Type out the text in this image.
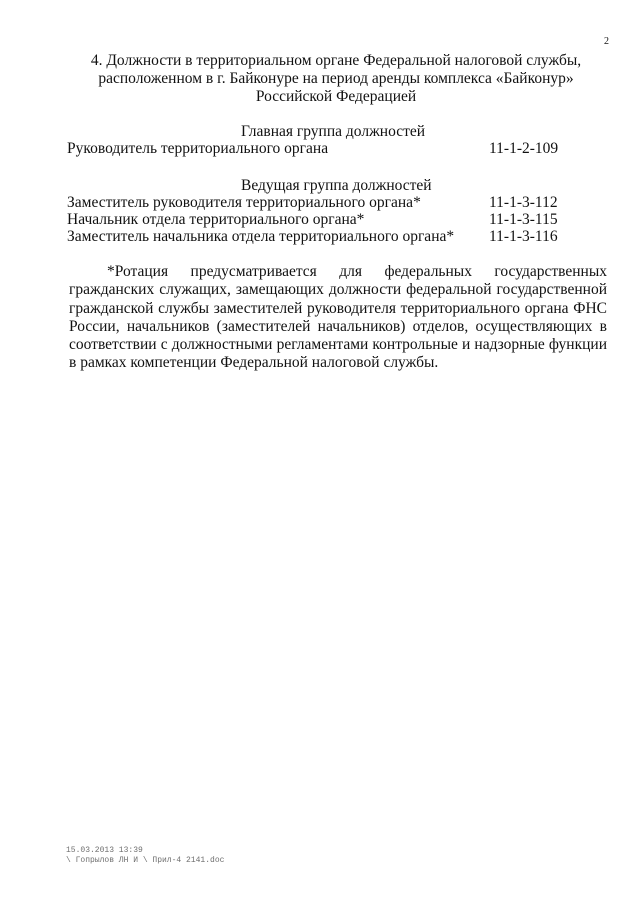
2
4. Должности в территориальном органе Федеральной налоговой службы,
расположенном в г. Байконуре на период аренды комплекса «Байконур»
Российской Федерацией
Главная группа должностей
Руководитель территориального органа	11-1-2-109
Ведущая группа должностей
Заместитель руководителя территориального органа*	11-1-3-112
Начальник отдела территориального органа*	11-1-3-115
Заместитель начальника отдела территориального органа* 11-1-3-116

*Ротация предусматривается для федеральных государственных гражданских служащих, замещающих должности федеральной государственной гражданской службы заместителей руководителя территориального органа ФНС России, начальников (заместителей начальников) отделов, осуществляющих в соответствии с должностными регламентами контрольные и надзорные функции в рамках компетенции Федеральной налоговой службы.

15.03.2013 13:39
\ Гопрылов ЛН И \ Прил-4 2141.doc
